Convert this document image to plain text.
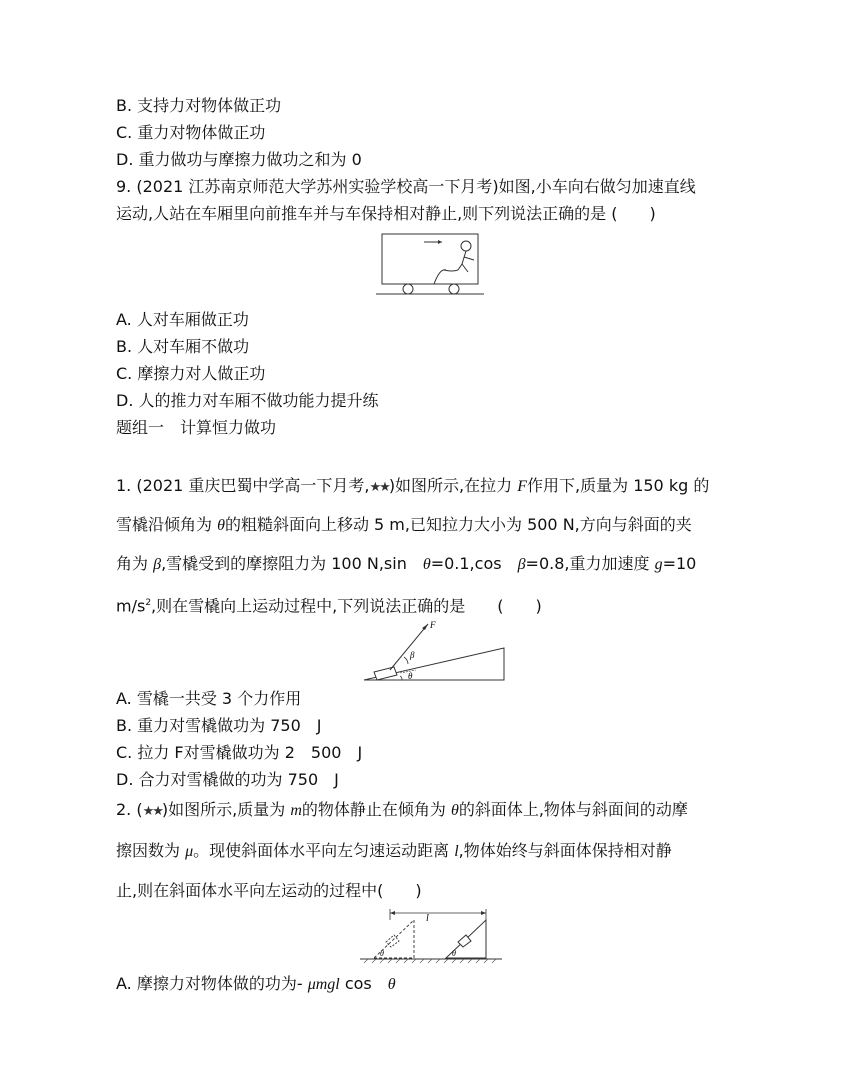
B. 支持力对物体做正功
C. 重力对物体做正功
D. 重力做功与摩擦力做功之和为 0
9. (2021 江苏南京师范大学苏州实验学校高一下月考)如图,小车向右做匀加速直线
运动,人站在车厢里向前推车并与车保持相对静止,则下列说法正确的是 (　　)
A. 人对车厢做正功
B. 人对车厢不做功
C. 摩擦力对人做正功
D. 人的推力对车厢不做功能力提升练
题组一　计算恒力做功
1. (2021 重庆巴蜀中学高一下月考,★★)如图所示,在拉力 F作用下,质量为 150 kg 的
雪橇沿倾角为 θ的粗糙斜面向上移动 5 m,已知拉力大小为 500 N,方向与斜面的夹
角为 β,雪橇受到的摩擦阻力为 100 N,sin　θ=0.1,cos　β=0.8,重力加速度 g=10
$m/s^2$,则在雪橇向上运动过程中,下列说法正确的是　　(　　)
F
β
θ
A. 雪橇一共受 3 个力作用
B. 重力对雪橇做功为 750　J
C. 拉力 F对雪橇做功为 2　500　J
D. 合力对雪橇做的功为 750　J
2. (★★)如图所示,质量为 m的物体静止在倾角为 θ的斜面体上,物体与斜面间的动摩
擦因数为 μ。现使斜面体水平向左匀速运动距离 l,物体始终与斜面体保持相对静
止,则在斜面体水平向左运动的过程中(　　)
l
θ	θ
A. 摩擦力对物体做的功为- μmgl cos　θ
